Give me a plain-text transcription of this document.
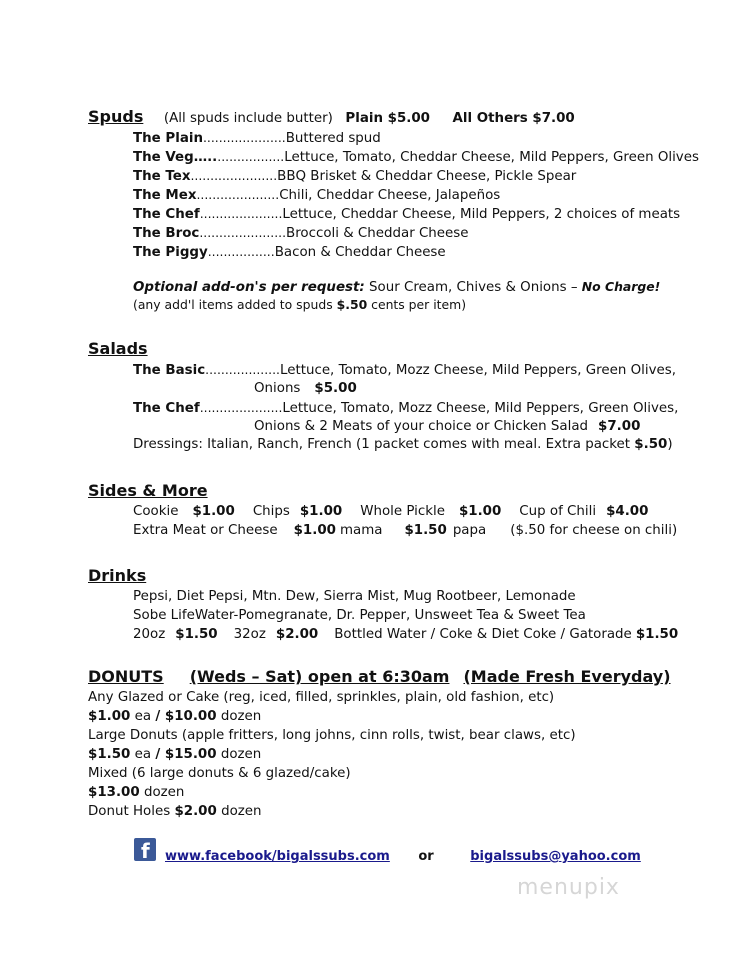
Spuds (All spuds include butter) Plain $5.00 All Others $7.00
The Plain.....................Buttered spud
The Veg…...................Lettuce, Tomato, Cheddar Cheese, Mild Peppers, Green Olives
The Tex......................BBQ Brisket & Cheddar Cheese, Pickle Spear
The Mex.....................Chili, Cheddar Cheese, Jalapeños
The Chef.....................Lettuce, Cheddar Cheese, Mild Peppers, 2 choices of meats
The Broc......................Broccoli & Cheddar Cheese
The Piggy.................Bacon & Cheddar Cheese
Optional add-on's per request: Sour Cream, Chives & Onions – No Charge!
(any add'l items added to spuds $.50 cents per item)
Salads
The Basic...................Lettuce, Tomato, Mozz Cheese, Mild Peppers, Green Olives,
Onions $5.00
The Chef.....................Lettuce, Tomato, Mozz Cheese, Mild Peppers, Green Olives,
Onions & 2 Meats of your choice or Chicken Salad $7.00
Dressings: Italian, Ranch, French (1 packet comes with meal. Extra packet $.50)
Sides & More
Cookie $1.00 Chips $1.00 Whole Pickle $1.00 Cup of Chili $4.00
Extra Meat or Cheese $1.00 mama $1.50 papa ($.50 for cheese on chili)
Drinks
Pepsi, Diet Pepsi, Mtn. Dew, Sierra Mist, Mug Rootbeer, Lemonade
Sobe LifeWater-Pomegranate, Dr. Pepper, Unsweet Tea & Sweet Tea
20oz $1.50 32oz $2.00 Bottled Water / Coke & Diet Coke / Gatorade $1.50
DONUTS (Weds – Sat) open at 6:30am (Made Fresh Everyday)
Any Glazed or Cake (reg, iced, filled, sprinkles, plain, old fashion, etc)
$1.00 ea / $10.00 dozen
Large Donuts (apple fritters, long johns, cinn rolls, twist, bear claws, etc)
$1.50 ea / $15.00 dozen
Mixed (6 large donuts & 6 glazed/cake)
$13.00 dozen
Donut Holes $2.00 dozen
f www.facebook/bigalssubs.com or	bigalssubs@yahoo.com
menupix
